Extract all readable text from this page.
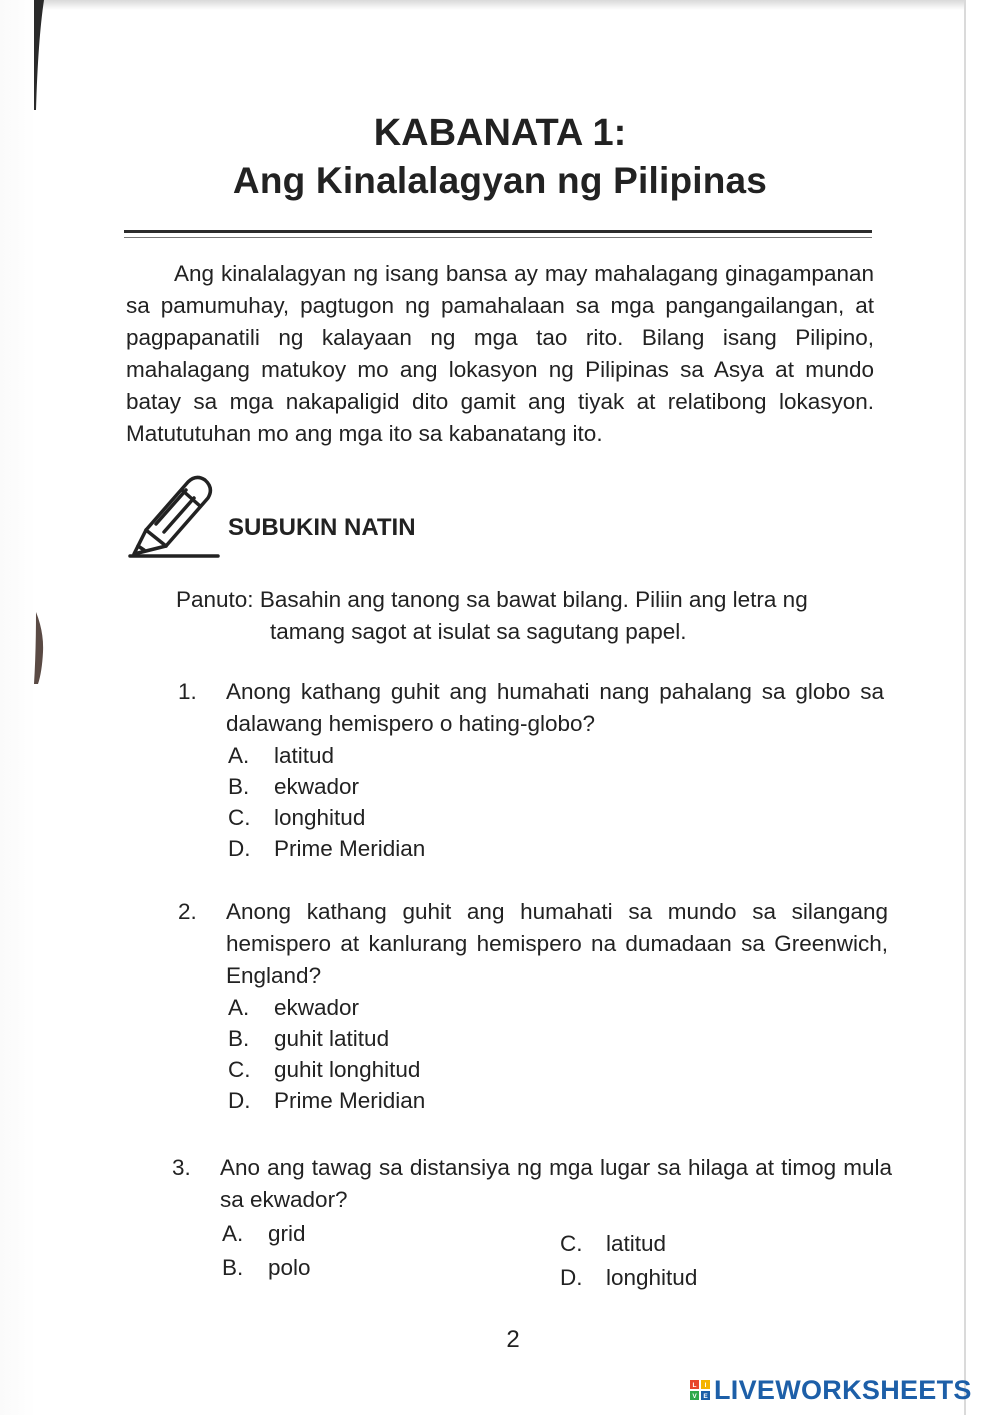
KABANATA 1:
Ang Kinalalagyan ng Pilipinas

Ang kinalalagyan ng isang bansa ay may mahalagang ginagampanan sa pamumuhay, pagtugon ng pamahalaan sa mga pangangailangan, at pagpapanatili ng kalayaan ng mga tao rito. Bilang isang Pilipino, mahalagang matukoy mo ang lokasyon ng Pilipinas sa Asya at mundo batay sa mga nakapaligid dito gamit ang tiyak at relatibong lokasyon. Matututuhan mo ang mga ito sa kabanatang ito.

SUBUKIN NATIN
Panuto: Basahin ang tanong sa bawat bilang. Piliin ang letra ng
tamang sagot at isulat sa sagutang papel.
1. Anong kathang guhit ang humahati nang pahalang sa globo sa dalawang hemispero o hating-globo?
A. latitud
B. ekwador
C. longhitud
D. Prime Meridian
2. Anong kathang guhit ang humahati sa mundo sa silangang hemispero at kanlurang hemispero na dumadaan sa Greenwich, England?
A. ekwador
B. guhit latitud
C. guhit longhitud
D. Prime Meridian
3. Ano ang tawag sa distansiya ng mga lugar sa hilaga at timog mula sa ekwador?
A. grid
B. polo
C. latitud
D. longhitud
2
L I
V E LIVEWORKSHEETS
